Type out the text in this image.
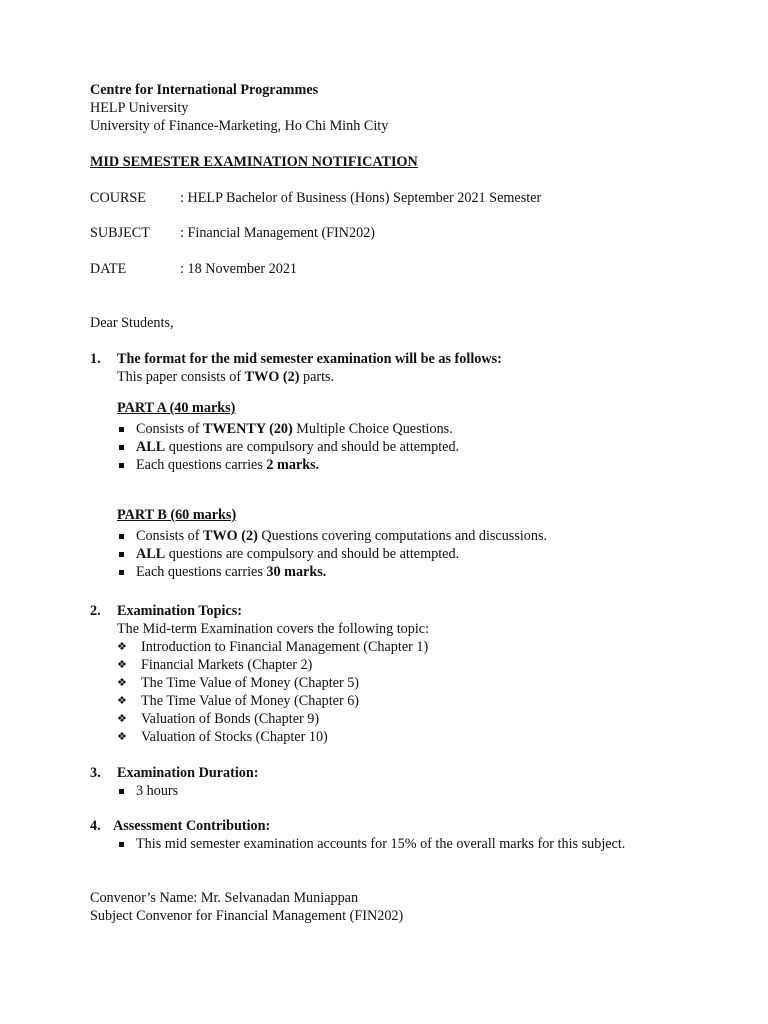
Centre for International Programmes
HELP University
University of Finance-Marketing, Ho Chi Minh City
MID SEMESTER EXAMINATION NOTIFICATION
COURSE : HELP Bachelor of Business (Hons) September 2021 Semester
SUBJECT : Financial Management (FIN202)
DATE	: 18 November 2021
Dear Students,
1. The format for the mid semester examination will be as follows:
This paper consists of TWO (2) parts.
PART A (40 marks)
Consists of TWENTY (20) Multiple Choice Questions.
ALL questions are compulsory and should be attempted.
Each questions carries 2 marks.
PART B (60 marks)
Consists of TWO (2) Questions covering computations and discussions.
ALL questions are compulsory and should be attempted.
Each questions carries 30 marks.
2. Examination Topics:
The Mid-term Examination covers the following topic:
❖ Introduction to Financial Management (Chapter 1)
❖ Financial Markets (Chapter 2)
❖ The Time Value of Money (Chapter 5)
❖ The Time Value of Money (Chapter 6)
❖ Valuation of Bonds (Chapter 9)
❖ Valuation of Stocks (Chapter 10)
3. Examination Duration:
3 hours
4. Assessment Contribution:
This mid semester examination accounts for 15% of the overall marks for this subject.
Convenor’s Name: Mr. Selvanadan Muniappan
Subject Convenor for Financial Management (FIN202)
